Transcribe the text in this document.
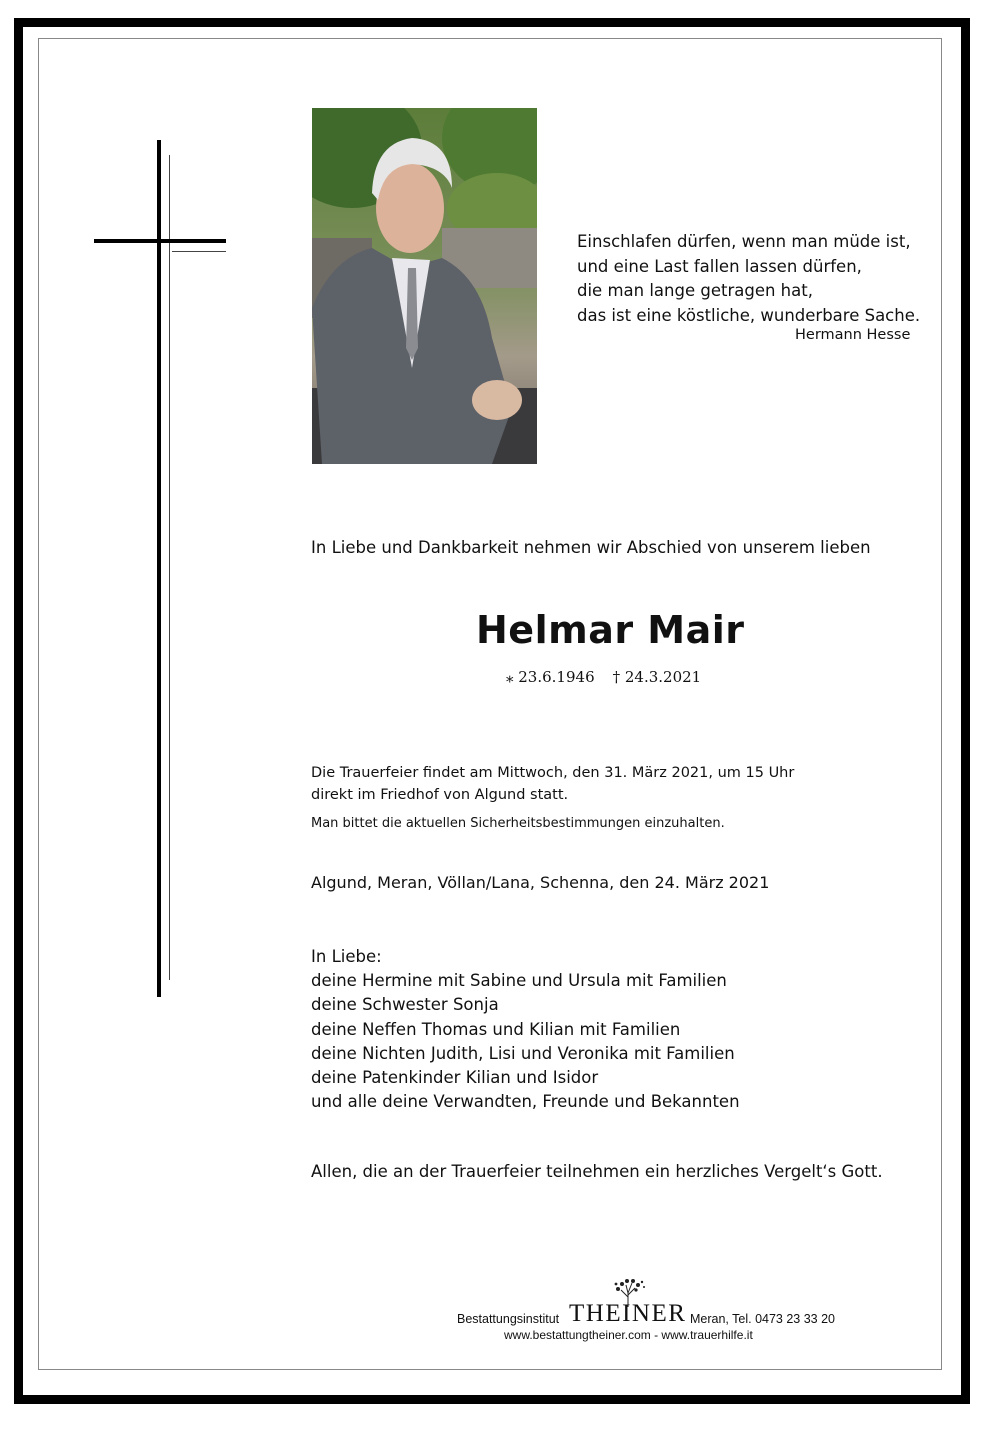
Einschlafen dürfen, wenn man müde ist,
und eine Last fallen lassen dürfen,
die man lange getragen hat,
das ist eine köstliche, wunderbare Sache.
Hermann Hesse
In Liebe und Dankbarkeit nehmen wir Abschied von unserem lieben
Helmar Mair
⁎ 23.6.1946 † 24.3.2021
Die Trauerfeier findet am Mittwoch, den 31. März 2021, um 15 Uhr
direkt im Friedhof von Algund statt.
Man bittet die aktuellen Sicherheitsbestimmungen einzuhalten.
Algund, Meran, Völlan/Lana, Schenna, den 24. März 2021
In Liebe:
deine Hermine mit Sabine und Ursula mit Familien
deine Schwester Sonja
deine Neffen Thomas und Kilian mit Familien
deine Nichten Judith, Lisi und Veronika mit Familien
deine Patenkinder Kilian und Isidor
und alle deine Verwandten, Freunde und Bekannten
Allen, die an der Trauerfeier teilnehmen ein herzliches Vergelt‘s Gott.
Bestattungsinstitut THEINER Meran, Tel. 0473 23 33 20
www.bestattungtheiner.com - www.trauerhilfe.it
